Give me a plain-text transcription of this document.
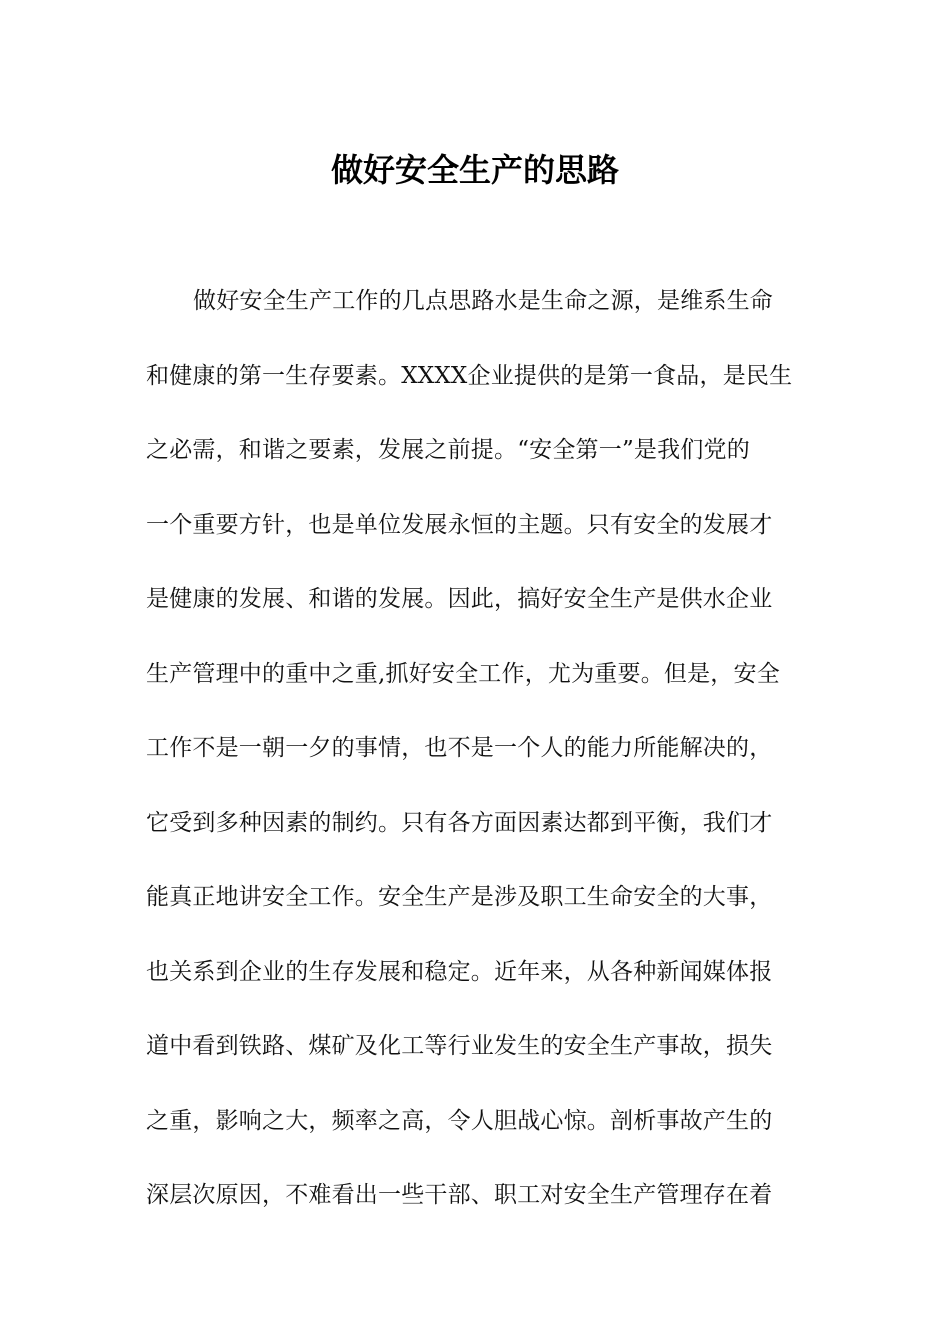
做好安全生产的思路
做好安全生产工作的几点思路水是生命之源，是维系生命
和健康的第一生存要素。XXXX企业提供的是第一食品，是民生
之必需，和谐之要素，发展之前提。“安全第一”是我们党的
一个重要方针，也是单位发展永恒的主题。只有安全的发展才
是健康的发展、和谐的发展。因此，搞好安全生产是供水企业
生产管理中的重中之重,抓好安全工作，尤为重要。但是，安全
工作不是一朝一夕的事情，也不是一个人的能力所能解决的，
它受到多种因素的制约。只有各方面因素达都到平衡，我们才
能真正地讲安全工作。安全生产是涉及职工生命安全的大事，
也关系到企业的生存发展和稳定。近年来，从各种新闻媒体报
道中看到铁路、煤矿及化工等行业发生的安全生产事故，损失
之重，影响之大，频率之高，令人胆战心惊。剖析事故产生的
深层次原因，不难看出一些干部、职工对安全生产管理存在着
